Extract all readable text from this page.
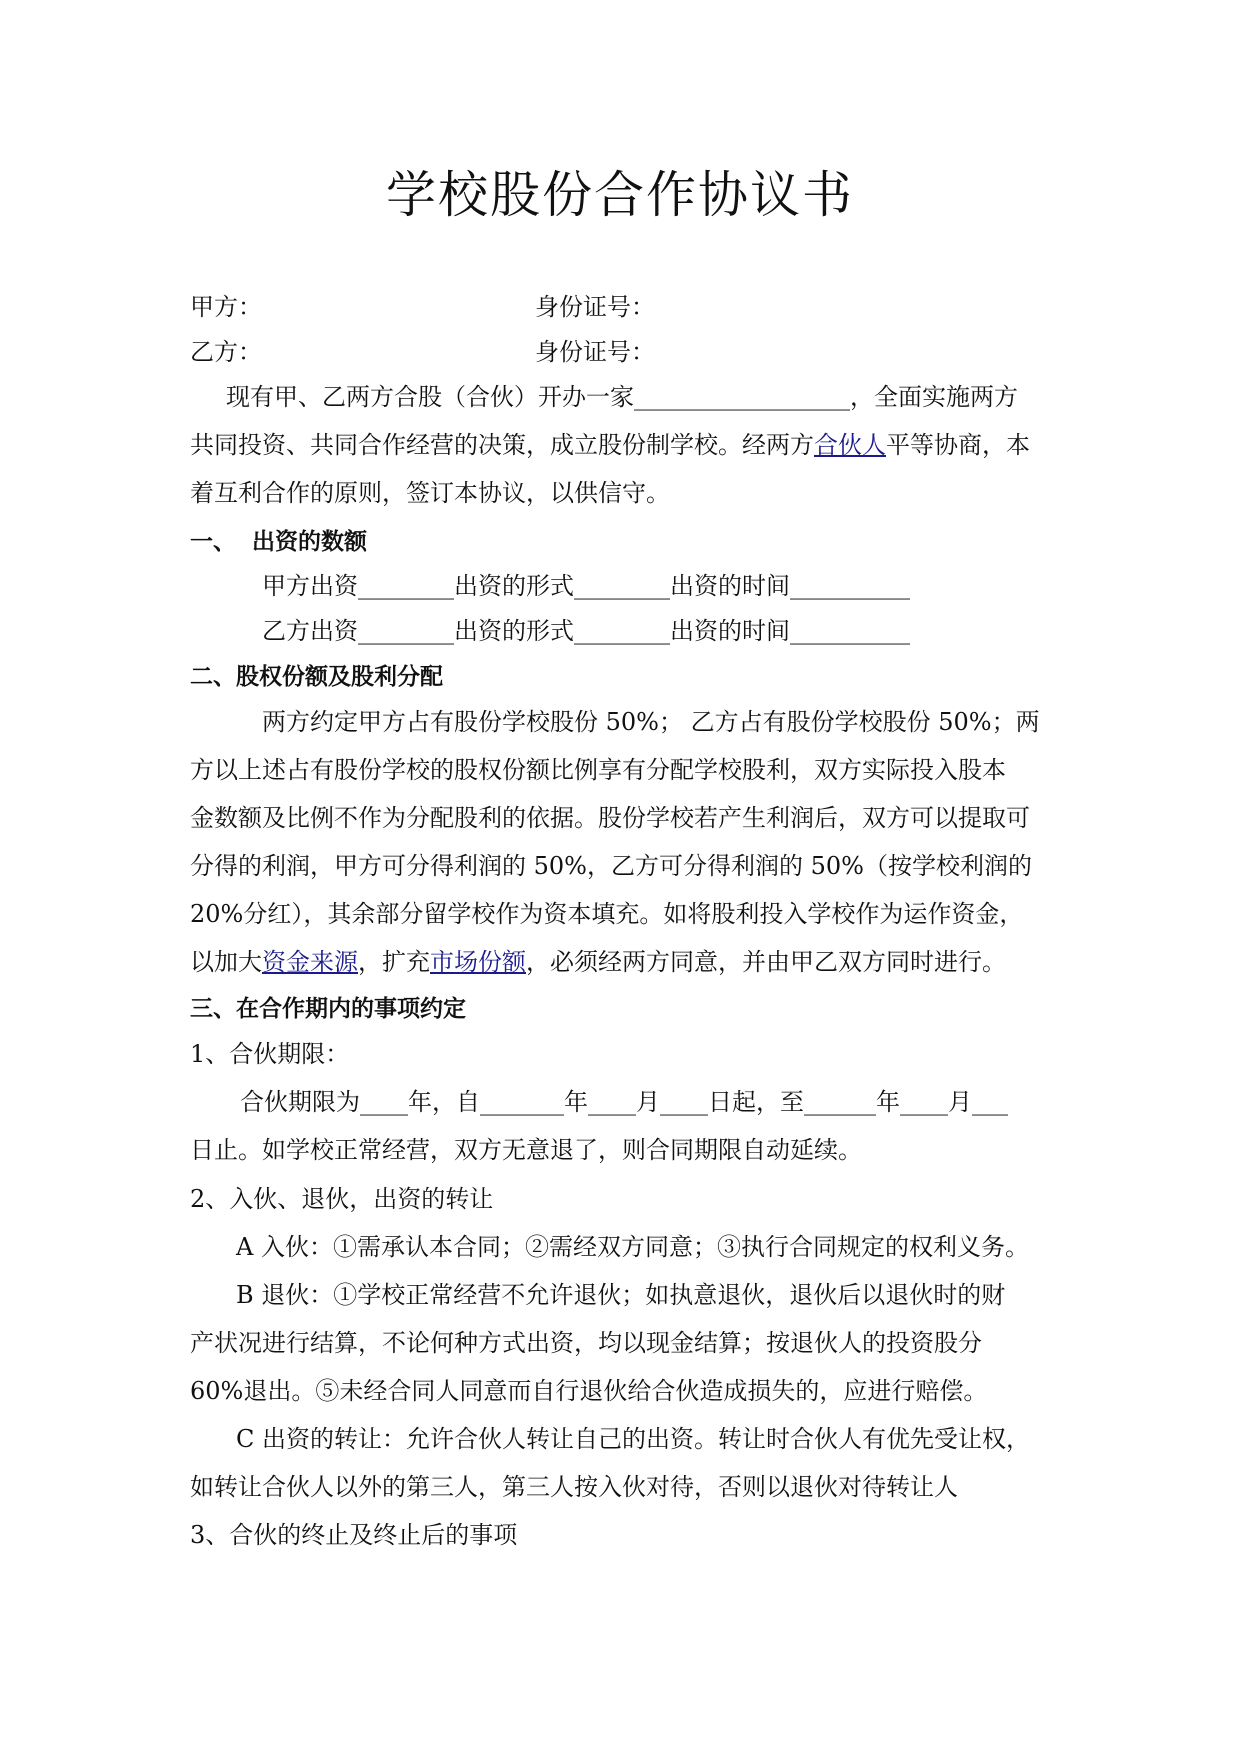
学校股份合作协议书
甲方：	身份证号：
乙方：	身份证号：
现有甲、乙两方合股（合伙）开办一家__________________，全面实施两方
共同投资、共同合作经营的决策，成立股份制学校。经两方合伙人平等协商，本
着互利合作的原则，签订本协议，以供信守。
一、 出资的数额
甲方出资________出资的形式________出资的时间__________
乙方出资________出资的形式________出资的时间__________
二、股权份额及股利分配
两方约定甲方占有股份学校股份 50%； 乙方占有股份学校股份 50%；两
方以上述占有股份学校的股权份额比例享有分配学校股利，双方实际投入股本
金数额及比例不作为分配股利的依据。股份学校若产生利润后，双方可以提取可
分得的利润，甲方可分得利润的 50%，乙方可分得利润的 50%（按学校利润的
20%分红），其余部分留学校作为资本填充。如将股利投入学校作为运作资金，
以加大资金来源，扩充市场份额，必须经两方同意，并由甲乙双方同时进行。
三、在合作期内的事项约定
1、合伙期限：
合伙期限为____年，自_______年____月____日起，至______年____月___
日止。如学校正常经营，双方无意退了，则合同期限自动延续。
2、入伙、退伙，出资的转让
A 入伙：①需承认本合同；②需经双方同意；③执行合同规定的权利义务。
B 退伙：①学校正常经营不允许退伙；如执意退伙，退伙后以退伙时的财
产状况进行结算，不论何种方式出资，均以现金结算；按退伙人的投资股分
60%退出。⑤未经合同人同意而自行退伙给合伙造成损失的，应进行赔偿。
C 出资的转让：允许合伙人转让自己的出资。转让时合伙人有优先受让权，
如转让合伙人以外的第三人，第三人按入伙对待，否则以退伙对待转让人
3、合伙的终止及终止后的事项
